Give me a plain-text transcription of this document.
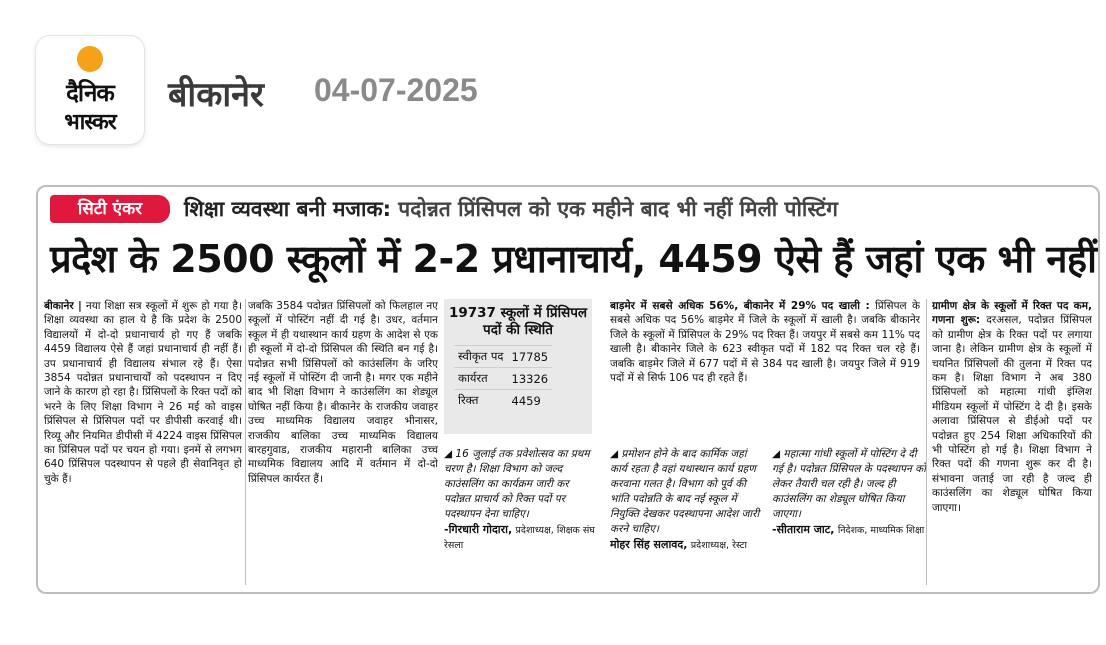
दैनिक
भास्कर
बीकानेर 04-07-2025
सिटी एंकर	शिक्षा व्यवस्था बनी मजाक: पदोन्नत प्रिंसिपल को एक महीने बाद भी नहीं मिली पोस्टिंग
प्रदेश के 2500 स्कूलों में 2-2 प्रधानाचार्य, 4459 ऐसे हैं जहां एक भी नहीं
बीकानेर | नया शिक्षा सत्र स्कूलों में शुरू हो गया है। शिक्षा व्यवस्था का हाल ये है कि प्रदेश के 2500 विद्यालयों में दो-दो प्रधानाचार्य हो गए हैं जबकि 4459 विद्यालय ऐसे हैं जहां प्रधानाचार्य ही नहीं हैं। उप प्रधानाचार्य ही विद्यालय संभाल रहे हैं। ऐसा 3854 पदोन्नत प्रधानाचार्यों को पदस्थापन न दिए जाने के कारण हो रहा है। प्रिंसिपलों के रिक्त पदों को भरने के लिए शिक्षा विभाग ने 26 मई को वाइस प्रिंसिपल से प्रिंसिपल पदों पर डीपीसी करवाई थी। रिव्यू और नियमित डीपीसी में 4224 वाइस प्रिंसिपल का प्रिंसिपल पदों पर चयन हो गया। इनमें से लगभग 640 प्रिंसिपल पदस्थापन से पहले ही सेवानिवृत हो चुके हैं।
जबकि 3584 पदोन्नत प्रिंसिपलों को फिलहाल नए स्कूलों में पोस्टिंग नहीं दी गई है। उधर, वर्तमान स्कूल में ही यथास्थान कार्य ग्रहण के आदेश से एक ही स्कूलों में दो-दो प्रिंसिपल की स्थिति बन गई है। पदोन्नत सभी प्रिंसिपलों को काउंसलिंग के जरिए नई स्कूलों में पोस्टिंग दी जानी है। मगर एक महीने बाद भी शिक्षा विभाग ने काउंसलिंग का शेड्यूल घोषित नहीं किया है। बीकानेर के राजकीय जवाहर उच्च माध्यमिक विद्यालय जवाहर भीनासर, राजकीय बालिका उच्च माध्यमिक विद्यालय बारहगुवाड, राजकीय महारानी बालिका उच्च माध्यमिक विद्यालय आदि में वर्तमान में दो-दो प्रिंसिपल कार्यरत हैं।
19737 स्कूलों में प्रिंसिपल पदों की स्थिति
स्वीकृत पद	17785
कार्यरत	13326
रिक्त	4459
बाड़मेर में सबसे अधिक 56%, बीकानेर में 29% पद खाली : प्रिंसिपल के सबसे अधिक पद 56% बाड़मेर में जिले के स्कूलों में खाली है। जबकि बीकानेर जिले के स्कूलों में प्रिंसिपल के 29% पद रिक्त हैं। जयपुर में सबसे कम 11% पद खाली है। बीकानेर जिले के 623 स्वीकृत पदों में 182 पद रिक्त चल रहे हैं। जबकि बाड़मेर जिले में 677 पदों में से 384 पद खाली है। जयपुर जिले में 919 पदों में से सिर्फ 106 पद ही रहते हैं।
◢ 16 जुलाई तक प्रवेशोत्सव का प्रथम चरण है। शिक्षा विभाग को जल्द काउंसलिंग का कार्यक्रम जारी कर पदोन्नत प्राचार्य को रिक्त पदों पर पदस्थापन देना चाहिए।
-गिरधारी गोदारा, प्रदेशाध्यक्ष, शिक्षक संघ रेसला
◢ प्रमोशन होने के बाद कार्मिक जहां कार्य रहता है वहां यथास्थान कार्य ग्रहण करवाना गलत है। विभाग को पूर्व की भांति पदोन्नति के बाद नई स्कूल में नियुक्ति देखकर पदस्थापना आदेश जारी करने चाहिए।
मोहर सिंह सलावद, प्रदेशाध्यक्ष, रेस्टा
◢ महात्मा गांधी स्कूलों में पोस्टिंग दे दी गई है। पदोन्नत प्रिंसिपल के पदस्थापन को लेकर तैयारी चल रही है। जल्द ही काउंसलिंग का शेड्यूल घोषित किया जाएगा।
-सीताराम जाट, निदेशक, माध्यमिक शिक्षा
ग्रामीण क्षेत्र के स्कूलों में रिक्त पद कम, गणना शुरू: दरअसल, पदोन्नत प्रिंसिपल को ग्रामीण क्षेत्र के रिक्त पदों पर लगाया जाना है। लेकिन ग्रामीण क्षेत्र के स्कूलों में चयनित प्रिंसिपलों की तुलना में रिक्त पद कम है। शिक्षा विभाग ने अब 380 प्रिंसिपलों को महात्मा गांधी इंग्लिश मीडियम स्कूलों में पोस्टिंग दे दी है। इसके अलावा प्रिंसिपल से डीईओ पदों पर पदोन्नत हुए 254 शिक्षा अधिकारियों की भी पोस्टिंग हो गई है। शिक्षा विभाग ने रिक्त पदों की गणना शुरू कर दी है। संभावना जताई जा रही है जल्द ही काउंसलिंग का शेड्यूल घोषित किया जाएगा।
